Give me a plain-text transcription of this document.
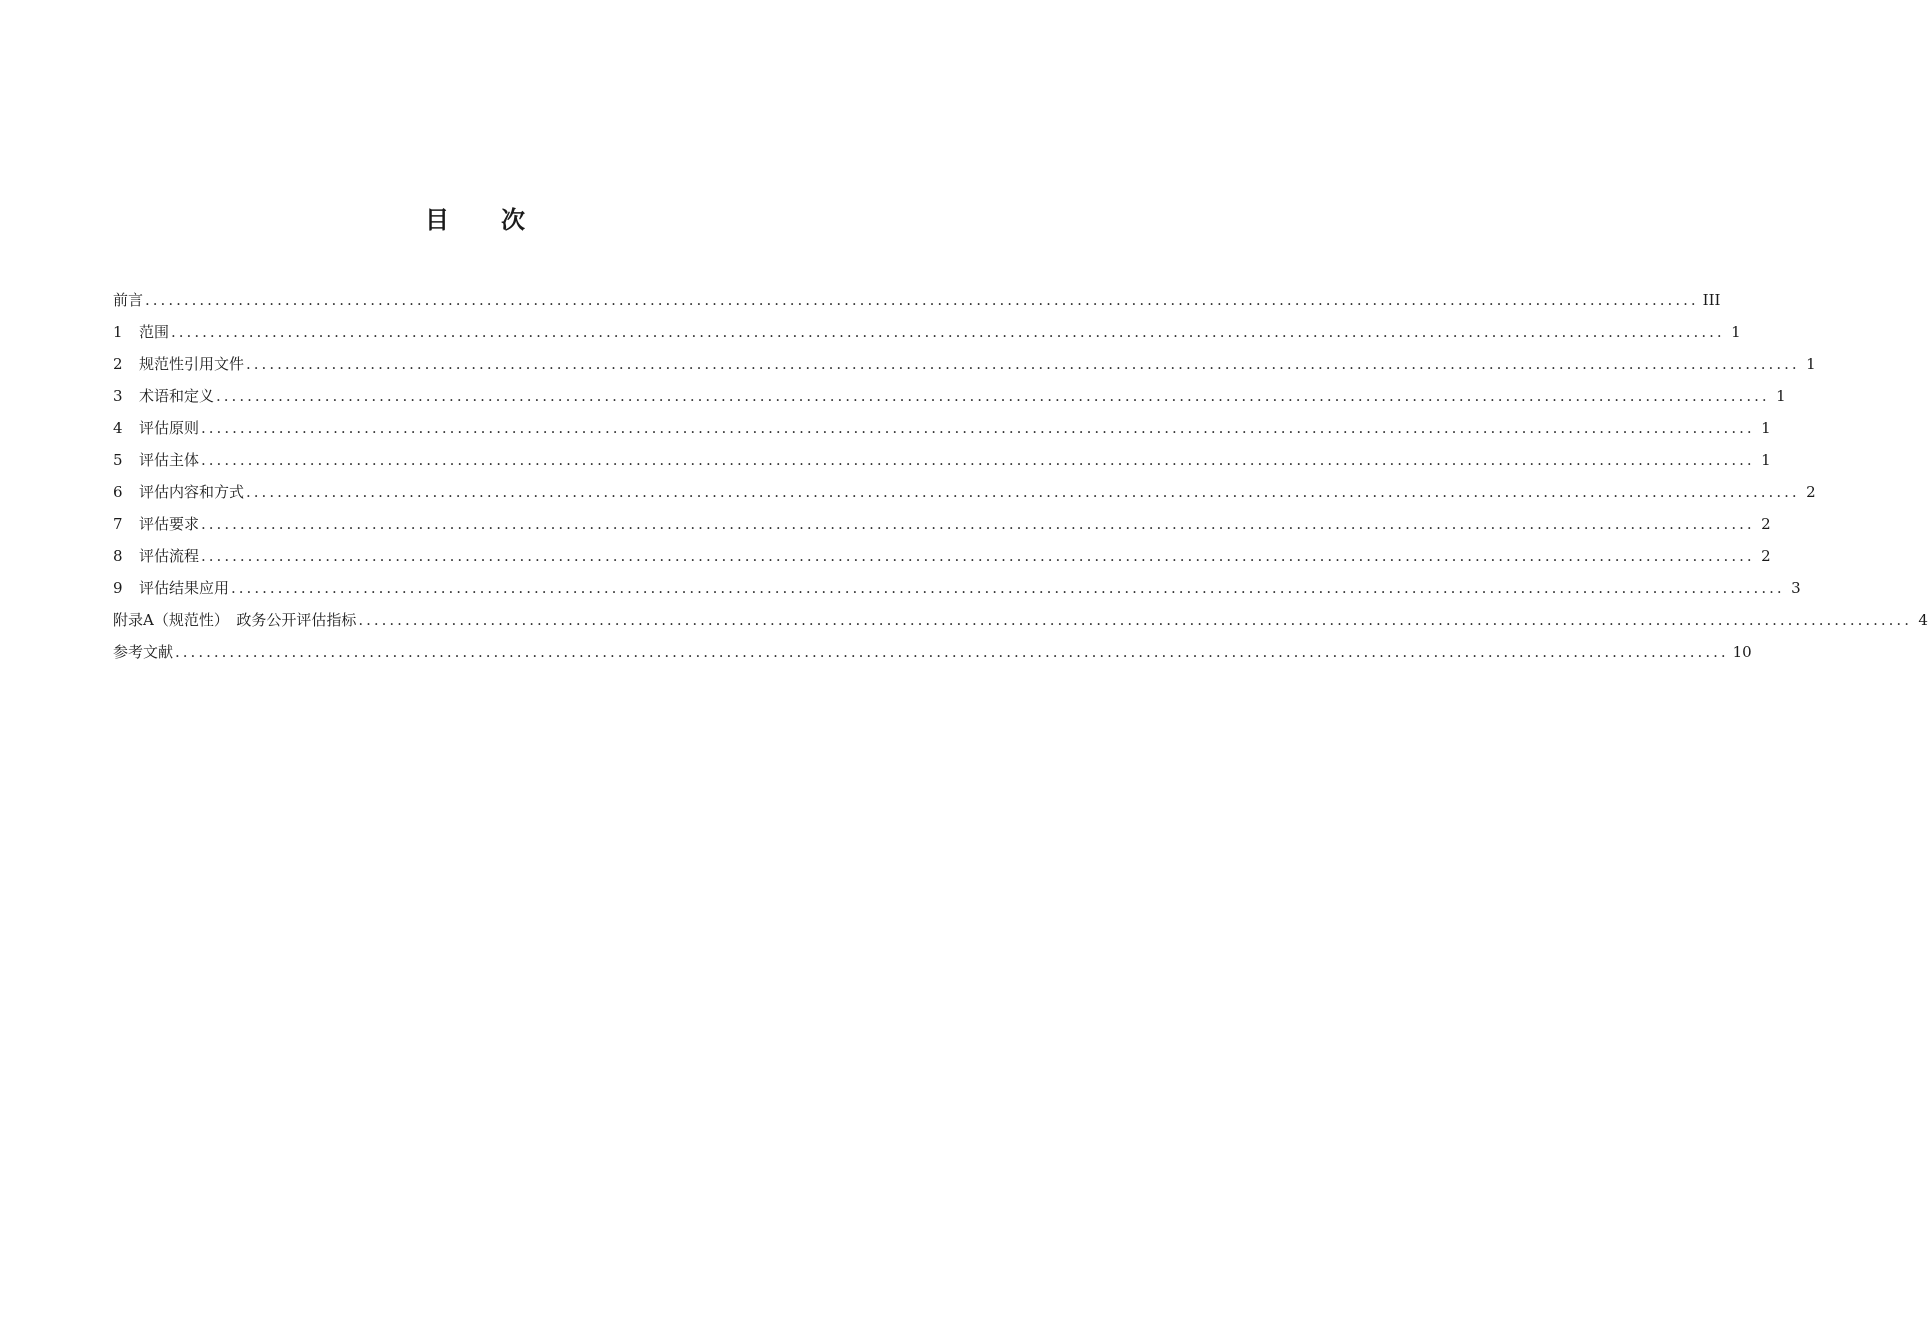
目 次
前言 ........................................................................................................................................................................................................ III
1	范围 ........................................................................................................................................................................................................ 1
2	规范性引用文件 ........................................................................................................................................................................................................ 1
3	术语和定义 ........................................................................................................................................................................................................ 1
4	评估原则 ........................................................................................................................................................................................................ 1
5	评估主体 ........................................................................................................................................................................................................ 1
6	评估内容和方式 ........................................................................................................................................................................................................ 2
7	评估要求 ........................................................................................................................................................................................................ 2
8	评估流程 ........................................................................................................................................................................................................ 2
9	评估结果应用 ........................................................................................................................................................................................................ 3
附录A（规范性）　政务公开评估指标 ........................................................................................................................................................................................................ 4
参考文献 ........................................................................................................................................................................................................ 10
